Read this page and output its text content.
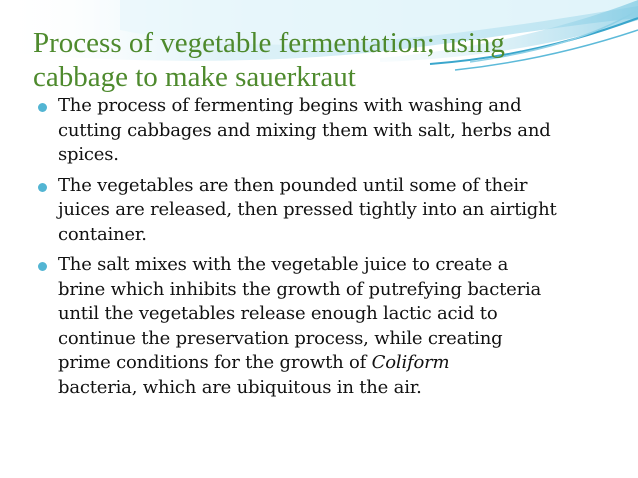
Process of vegetable fermentation; using
cabbage to make sauerkraut
The process of fermenting begins with washing and
cutting cabbages and mixing them with salt, herbs and
spices.
The vegetables are then pounded until some of their
juices are released, then pressed tightly into an airtight
container.
The salt mixes with the vegetable juice to create a
brine which inhibits the growth of putrefying bacteria
until the vegetables release enough lactic acid to
continue the preservation process, while creating
prime conditions for the growth of Coliform
bacteria, which are ubiquitous in the air.
